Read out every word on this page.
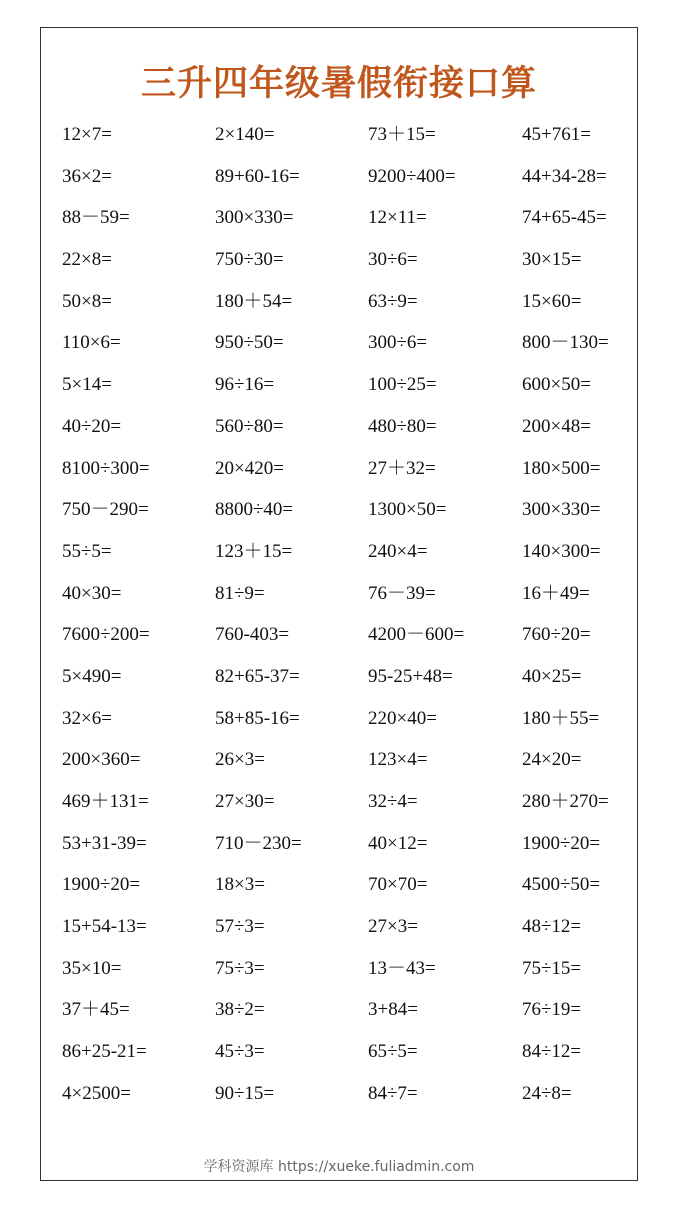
三升四年级暑假衔接口算
12×7=	2×140=	73＋15=	45+761=
36×2=	89+60-16=	9200÷400=	44+34-28=
88－59=	300×330=	12×11=	74+65-45=
22×8=	750÷30=	30÷6=	30×15=
50×8=	180＋54=	63÷9=	15×60=
110×6=	950÷50=	300÷6=	800－130=
5×14=	96÷16=	100÷25=	600×50=
40÷20=	560÷80=	480÷80=	200×48=
8100÷300=	20×420=	27＋32=	180×500=
750－290=	8800÷40=	1300×50=	300×330=
55÷5=	123＋15=	240×4=	140×300=
40×30=	81÷9=	76－39=	16＋49=
7600÷200=	760-403=	4200－600=	760÷20=
5×490=	82+65-37=	95-25+48=	40×25=
32×6=	58+85-16=	220×40=	180＋55=
200×360=	26×3=	123×4=	24×20=
469＋131=	27×30=	32÷4=	280＋270=
53+31-39=	710－230=	40×12=	1900÷20=
1900÷20=	18×3=	70×70=	4500÷50=
15+54-13=	57÷3=	27×3=	48÷12=
35×10=	75÷3=	13－43=	75÷15=
37＋45=	38÷2=	3+84=	76÷19=
86+25-21=	45÷3=	65÷5=	84÷12=
4×2500=	90÷15=	84÷7=	24÷8=
学科资源库 https://xueke.fuliadmin.com
